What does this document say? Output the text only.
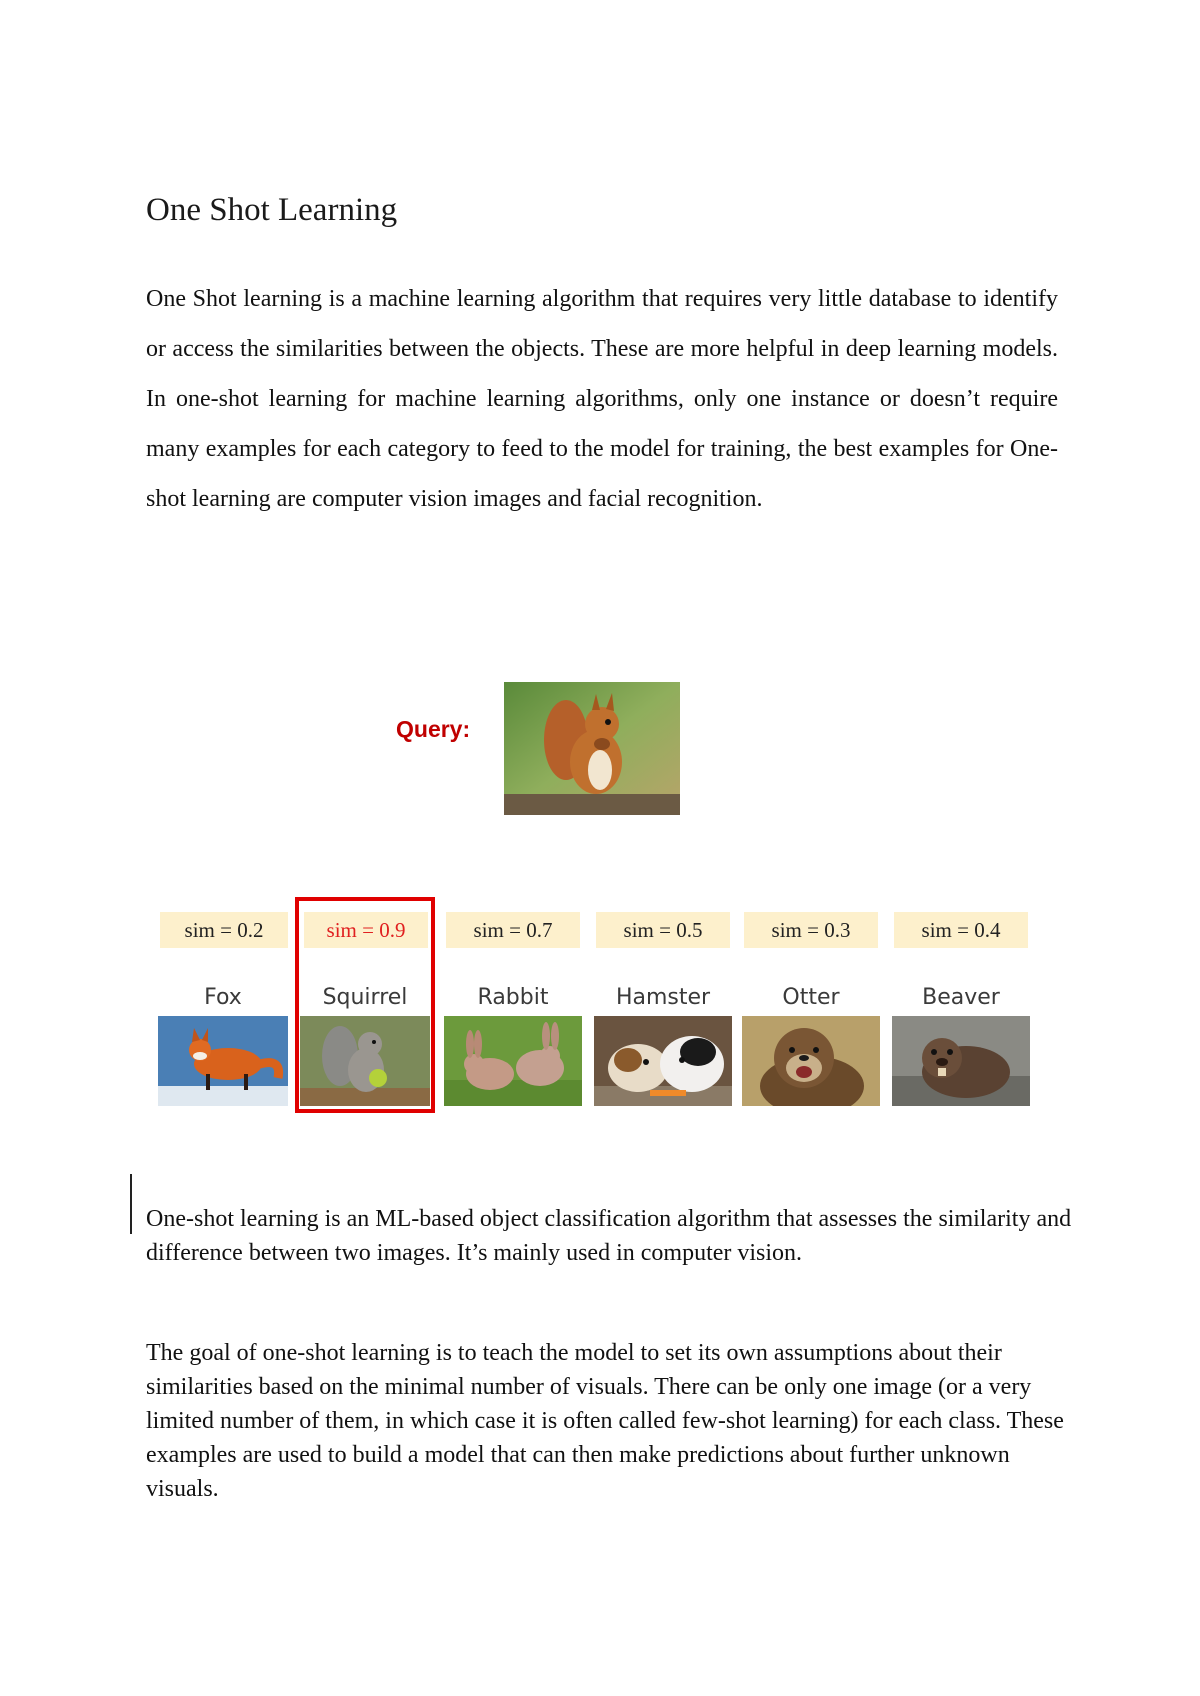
One Shot Learning

One Shot learning is a machine learning algorithm that requires very little database to identify or access the similarities between the objects. These are more helpful in deep learning models. In one-shot learning for machine learning algorithms, only one instance or doesn’t require many examples for each category to feed to the model for training, the best examples for One-shot learning are computer vision images and facial recognition.

Query:
sim = 0.2
Fox
sim = 0.9
Squirrel
sim = 0.7
Rabbit
sim = 0.5
Hamster
sim = 0.3
Otter
sim = 0.4
Beaver

One-shot learning is an ML-based object classification algorithm that assesses the similarity and difference between two images. It’s mainly used in computer vision.

The goal of one-shot learning is to teach the model to set its own assumptions about their similarities based on the minimal number of visuals. There can be only one image (or a very limited number of them, in which case it is often called few-shot learning) for each class. These examples are used to build a model that can then make predictions about further unknown visuals.
